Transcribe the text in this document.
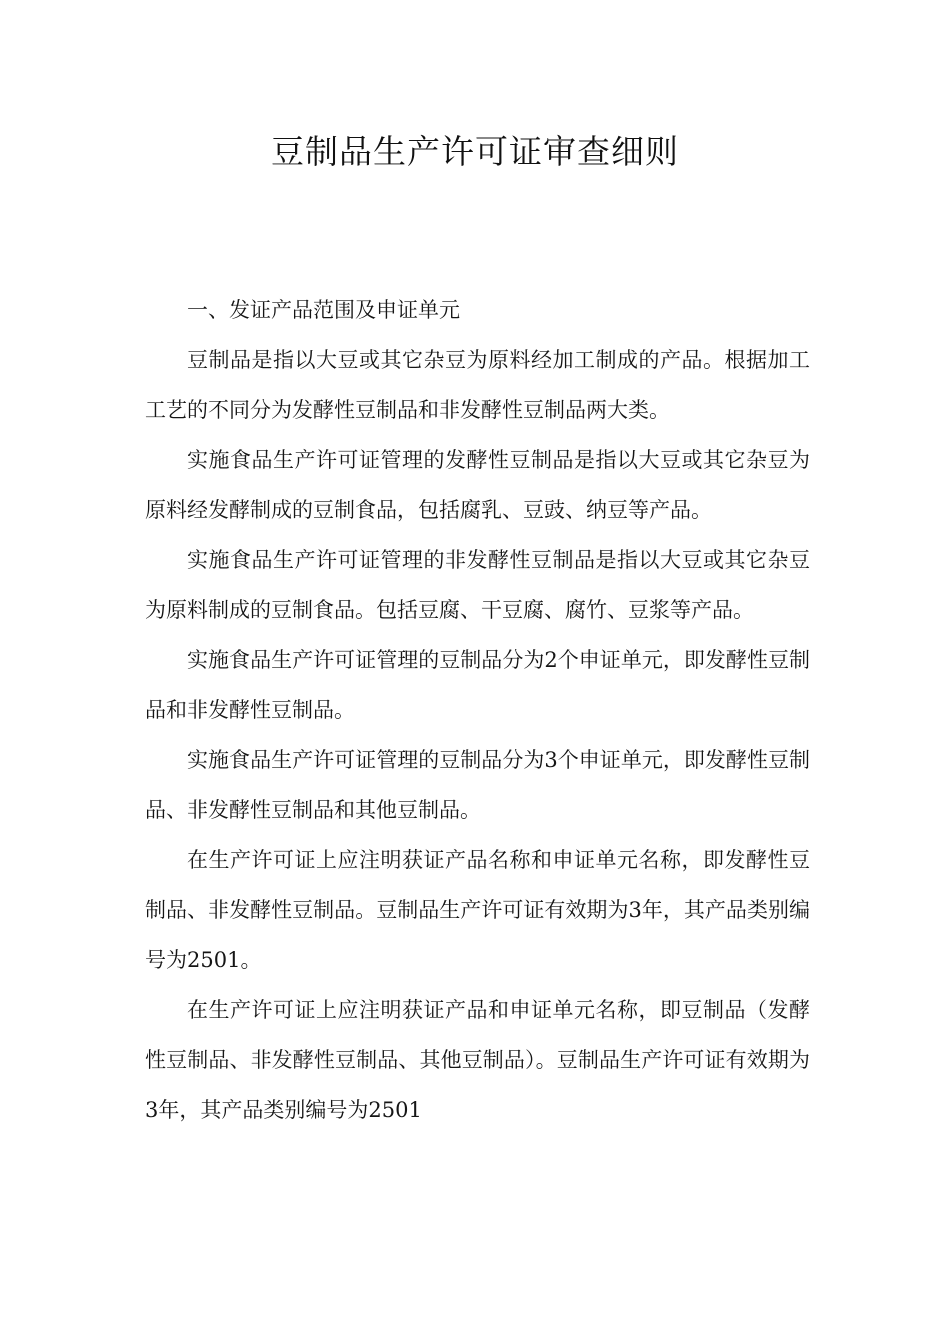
豆制品生产许可证审查细则

一、发证产品范围及申证单元

豆制品是指以大豆或其它杂豆为原料经加工制成的产品。根据加工工艺的不同分为发酵性豆制品和非发酵性豆制品两大类。

实施食品生产许可证管理的发酵性豆制品是指以大豆或其它杂豆为原料经发酵制成的豆制食品，包括腐乳、豆豉、纳豆等产品。

实施食品生产许可证管理的非发酵性豆制品是指以大豆或其它杂豆为原料制成的豆制食品。包括豆腐、干豆腐、腐竹、豆浆等产品。

实施食品生产许可证管理的豆制品分为2个申证单元，即发酵性豆制品和非发酵性豆制品。

实施食品生产许可证管理的豆制品分为3个申证单元，即发酵性豆制品、非发酵性豆制品和其他豆制品。

在生产许可证上应注明获证产品名称和申证单元名称，即发酵性豆制品、非发酵性豆制品。豆制品生产许可证有效期为3年，其产品类别编号为2501。

在生产许可证上应注明获证产品和申证单元名称，即豆制品（发酵性豆制品、非发酵性豆制品、其他豆制品）。豆制品生产许可证有效期为3年，其产品类别编号为2501
